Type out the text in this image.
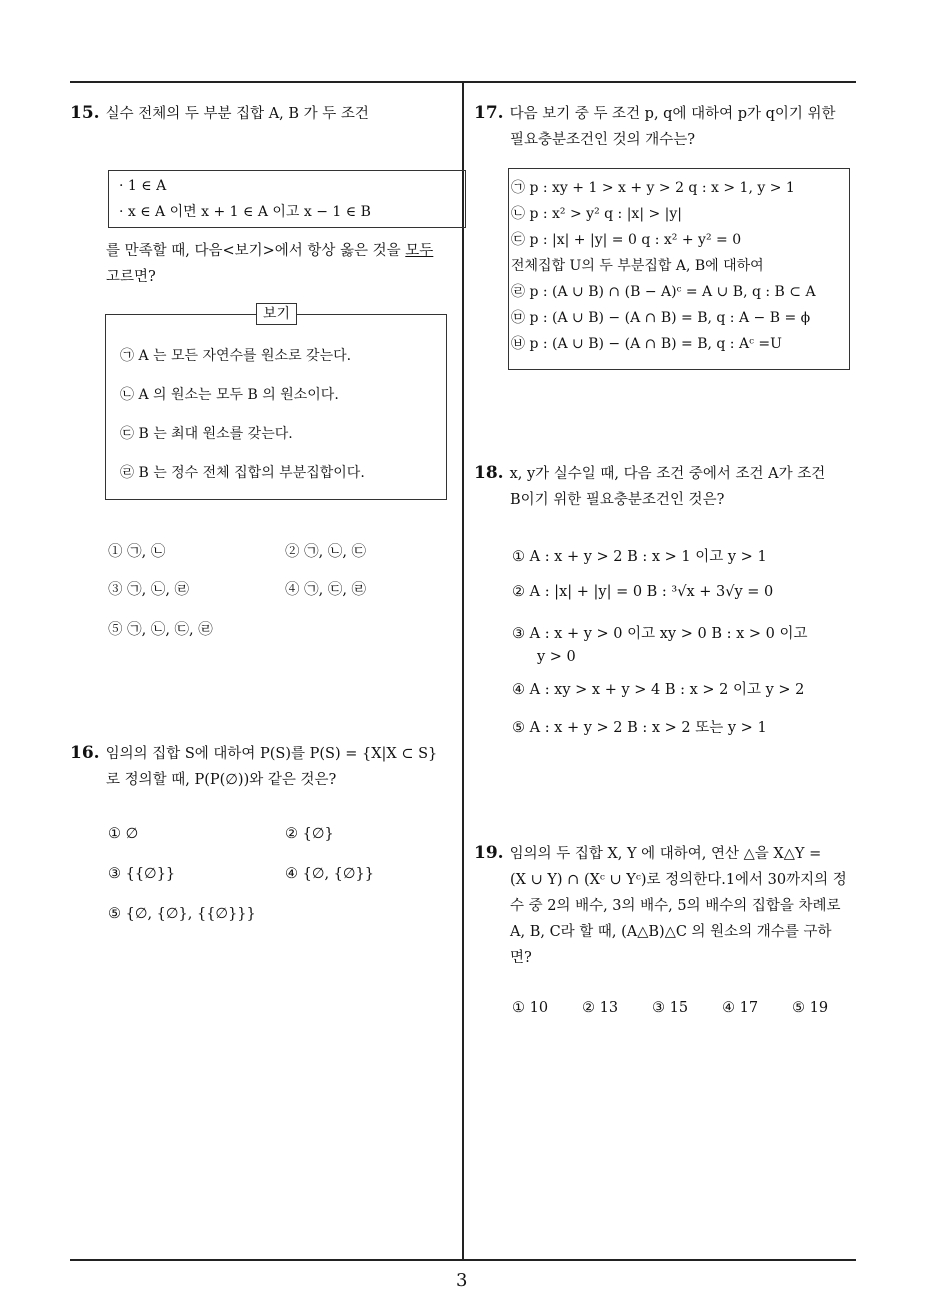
3
15. 실수 전체의 두 부분 집합 A, B 가 두 조건
· 1 ∈ A
· x ∈ A 이면 x + 1 ∈ A 이고 x − 1 ∈ B
를 만족할 때, 다음<보기>에서 항상 옳은 것을 모두
고르면?
㉠ A 는 모든 자연수를 원소로 갖는다.
㉡ A 의 원소는 모두 B 의 원소이다.
㉢ B 는 최대 원소를 갖는다.
㉣ B 는 정수 전체 집합의 부분집합이다.
보기
① ㉠, ㉡	② ㉠, ㉡, ㉢
③ ㉠, ㉡, ㉣	④ ㉠, ㉢, ㉣
⑤ ㉠, ㉡, ㉢, ㉣
16. 임의의 집합 S에 대하여 P(S)를 P(S) = {X|X ⊂ S}
로 정의할 때, P(P(∅))와 같은 것은?
① ∅	② {∅}
③ {{∅}}	④ {∅, {∅}}
⑤ {∅, {∅}, {{∅}}}
17. 다음 보기 중 두 조건 p, q에 대하여 p가 q이기 위한
필요충분조건인 것의 개수는?
㉠ p : xy + 1 > x + y > 2 q : x > 1, y > 1
㉡ p : x² > y² q : |x| > |y|
㉢ p : |x| + |y| = 0 q : x² + y² = 0
전체집합 U의 두 부분집합 A, B에 대하여
㉣ p : (A ∪ B) ∩ (B − A)ᶜ = A ∪ B, q : B ⊂ A
㉤ p : (A ∪ B) − (A ∩ B) = B, q : A − B = ϕ
㉥ p : (A ∪ B) − (A ∩ B) = B, q : Aᶜ =U
18. x, y가 실수일 때, 다음 조건 중에서 조건 A가 조건
B이기 위한 필요충분조건인 것은?
① A : x + y > 2 B : x > 1 이고 y > 1
② A : |x| + |y| = 0 B : ³√x + 3√y = 0
③ A : x + y > 0 이고 xy > 0 B : x > 0 이고
y > 0
④ A : xy > x + y > 4 B : x > 2 이고 y > 2
⑤ A : x + y > 2 B : x > 2 또는 y > 1
19. 임의의 두 집합 X, Y 에 대하여, 연산 △을 X△Y =
(X ∪ Y) ∩ (Xᶜ ∪ Yᶜ)로 정의한다.1에서 30까지의 정
수 중 2의 배수, 3의 배수, 5의 배수의 집합을 차례로
A, B, C라 할 때, (A△B)△C 의 원소의 개수를 구하
면?
① 10 ② 13 ③ 15 ④ 17 ⑤ 19
